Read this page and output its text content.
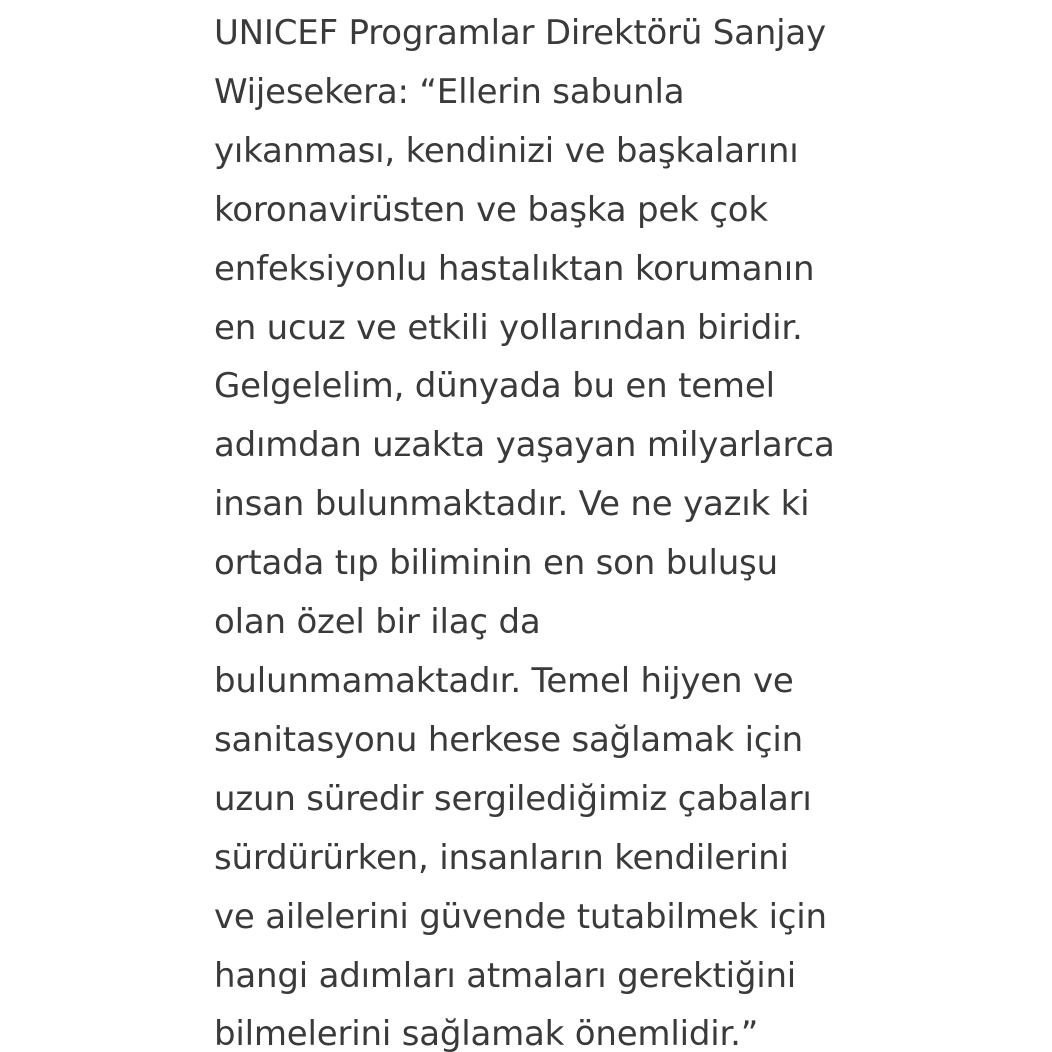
UNICEF Programlar Direktörü Sanjay
Wijesekera: “Ellerin sabunla
yıkanması, kendinizi ve başkalarını
koronavirüsten ve başka pek çok
enfeksiyonlu hastalıktan korumanın
en ucuz ve etkili yollarından biridir.
Gelgelelim, dünyada bu en temel
adımdan uzakta yaşayan milyarlarca
insan bulunmaktadır. Ve ne yazık ki
ortada tıp biliminin en son buluşu
olan özel bir ilaç da
bulunmamaktadır. Temel hijyen ve
sanitasyonu herkese sağlamak için
uzun süredir sergilediğimiz çabaları
sürdürürken, insanların kendilerini
ve ailelerini güvende tutabilmek için
hangi adımları atmaları gerektiğini
bilmelerini sağlamak önemlidir.”
